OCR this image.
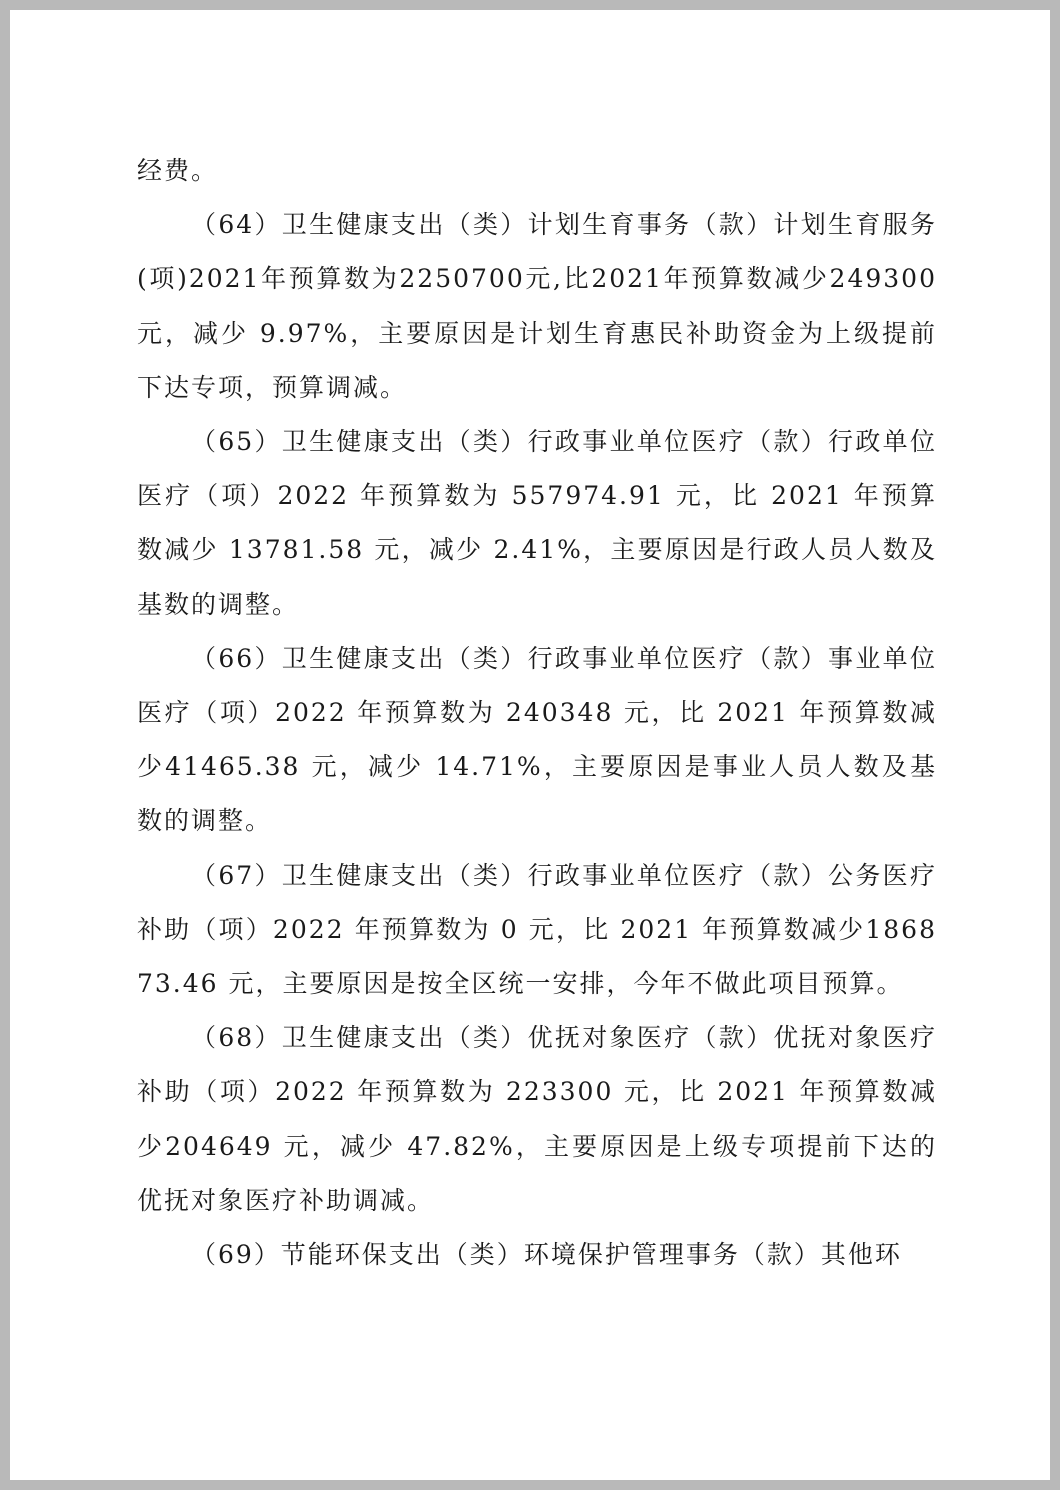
经费。

（64）卫生健康支出（类）计划生育事务（款）计划生育服务(项)2021年预算数为2250700元,比2021年预算数减少249300元，减少 9.97%，主要原因是计划生育惠民补助资金为上级提前下达专项，预算调减。

（65）卫生健康支出（类）行政事业单位医疗（款）行政单位医疗（项）2022 年预算数为 557974.91 元，比 2021 年预算数减少 13781.58 元，减少 2.41%，主要原因是行政人员人数及基数的调整。

（66）卫生健康支出（类）行政事业单位医疗（款）事业单位医疗（项）2022 年预算数为 240348 元，比 2021 年预算数减少41465.38 元，减少 14.71%，主要原因是事业人员人数及基数的调整。

（67）卫生健康支出（类）行政事业单位医疗（款）公务医疗补助（项）2022 年预算数为 0 元，比 2021 年预算数减少186873.46 元，主要原因是按全区统一安排，今年不做此项目预算。

（68）卫生健康支出（类）优抚对象医疗（款）优抚对象医疗补助（项）2022 年预算数为 223300 元，比 2021 年预算数减少204649 元，减少 47.82%，主要原因是上级专项提前下达的优抚对象医疗补助调减。

（69）节能环保支出（类）环境保护管理事务（款）其他环
